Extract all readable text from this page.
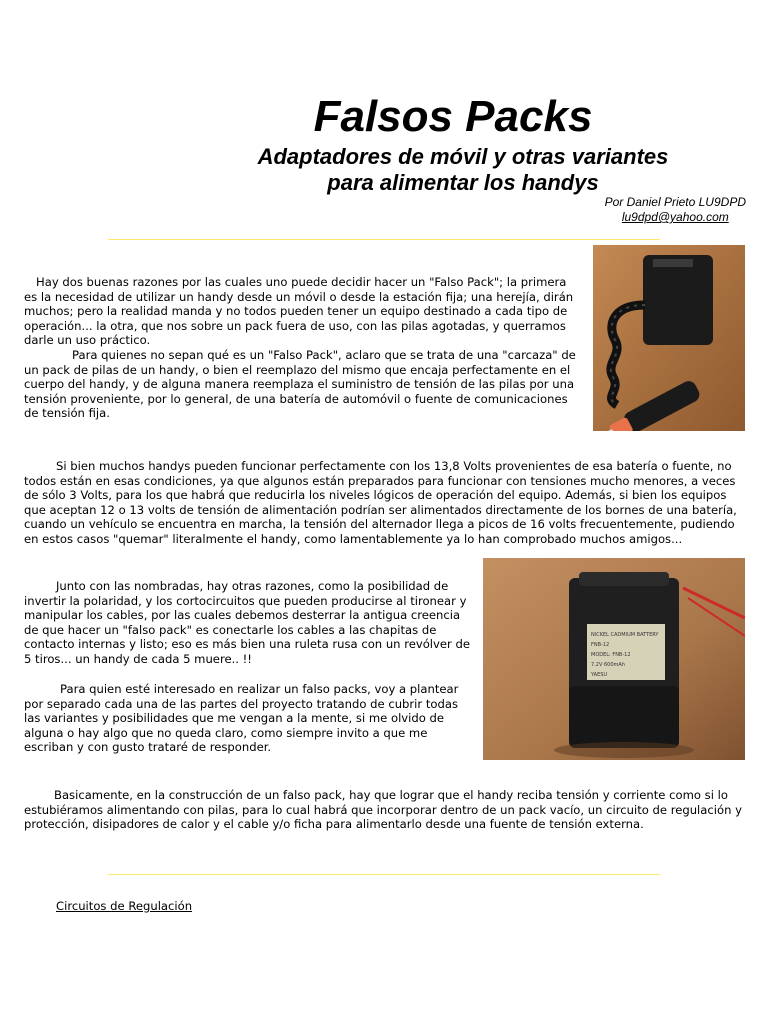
Falsos Packs
Adaptadores de móvil y otras variantes
para alimentar los handys
Por Daniel Prieto LU9DPD
lu9dpd@yahoo.com

Hay dos buenas razones por las cuales uno puede decidir hacer un "Falso Pack"; la primera es la necesidad de utilizar un handy desde un móvil o desde la estación fija; una herejía, dirán muchos; pero la realidad manda y no todos pueden tener un equipo destinado a cada tipo de operación... la otra, que nos sobre un pack fuera de uso, con las pilas agotadas, y querramos darle un uso práctico.

Para quienes no sepan qué es un "Falso Pack", aclaro que se trata de una "carcaza" de un pack de pilas de un handy, o bien el reemplazo del mismo que encaja perfectamente en el cuerpo del handy, y de alguna manera reemplaza el suministro de tensión de las pilas por una tensión proveniente, por lo general, de una batería de automóvil o fuente de comunicaciones de tensión fija.

Si bien muchos handys pueden funcionar perfectamente con los 13,8 Volts provenientes de esa batería o fuente, no todos están en esas condiciones, ya que algunos están preparados para funcionar con tensiones mucho menores, a veces de sólo 3 Volts, para los que habrá que reducirla los niveles lógicos de operación del equipo. Además, si bien los equipos que aceptan 12 o 13 volts de tensión de alimentación podrían ser alimentados directamente de los bornes de una batería, cuando un vehículo se encuentra en marcha, la tensión del alternador llega a picos de 16 volts frecuentemente, pudiendo en estos casos "quemar" literalmente el handy, como lamentablemente ya lo han comprobado muchos amigos...

Junto con las nombradas, hay otras razones, como la posibilidad de invertir la polaridad, y los cortocircuitos que pueden producirse al tironear y manipular los cables, por las cuales debemos desterrar la antigua creencia de que hacer un "falso pack" es conectarle los cables a las chapitas de contacto internas y listo; eso es más bien una ruleta rusa con un revólver de 5 tiros... un handy de cada 5 muere.. !!

NICKEL CADMIUM BATTERY
FNB-12
MODEL: FNB-12
7.2V 600mAh
YAESU

Para quien esté interesado en realizar un falso packs, voy a plantear por separado cada una de las partes del proyecto tratando de cubrir todas las variantes y posibilidades que me vengan a la mente, si me olvido de alguna o hay algo que no queda claro, como siempre invito a que me escriban y con gusto trataré de responder.

Basicamente, en la construcción de un falso pack, hay que lograr que el handy reciba tensión y corriente como si lo estubiéramos alimentando con pilas, para lo cual habrá que incorporar dentro de un pack vacío, un circuito de regulación y protección, disipadores de calor y el cable y/o ficha para alimentarlo desde una fuente de tensión externa.

Circuitos de Regulación
